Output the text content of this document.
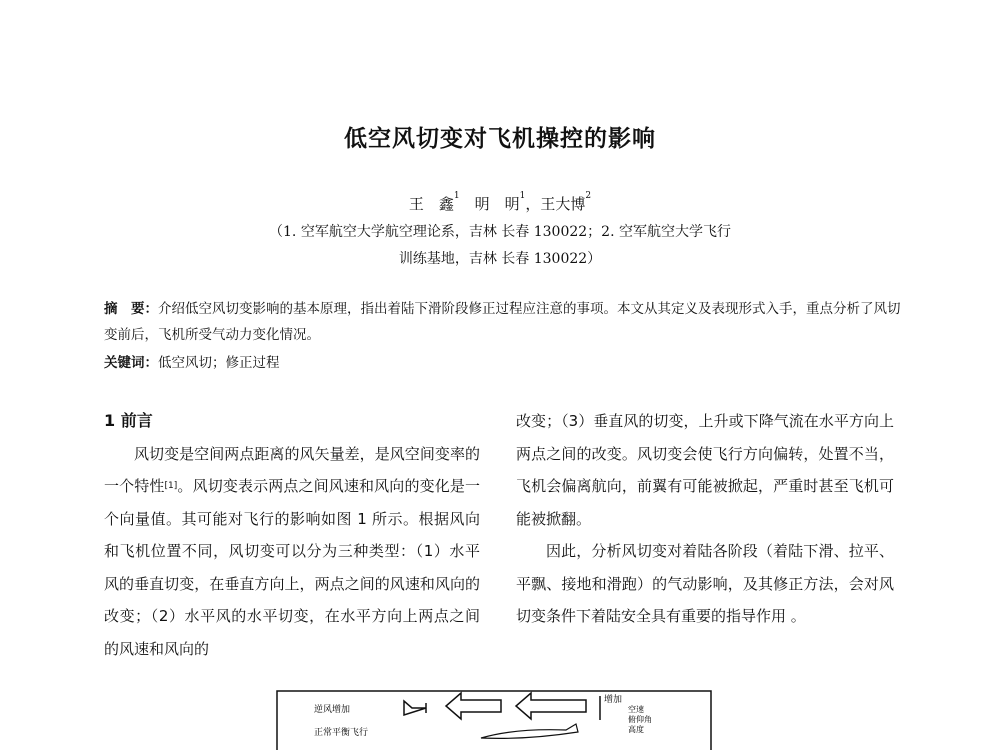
低空风切变对飞机操控的影响
王　鑫$^1$　 明　明$^1$，王大博$^2$
（1. 空军航空大学航空理论系，吉林 长春 130022；2. 空军航空大学飞行
训练基地，吉林 长春 130022）
摘　要：介绍低空风切变影响的基本原理，指出着陆下滑阶段修正过程应注意的事项。本文从其定义及表现形式入手，重点分析了风切变前后，飞机所受气动力变化情况。
关键词：低空风切；修正过程
1 前言

风切变是空间两点距离的风矢量差，是风空间变率的一个特性[1]。风切变表示两点之间风速和风向的变化是一个向量值。其可能对飞行的影响如图 1 所示。根据风向和飞机位置不同，风切变可以分为三种类型：（1）水平风的垂直切变，在垂直方向上，两点之间的风速和风向的改变；（2）水平风的水平切变，在水平方向上两点之间的风速和风向的

改变；（3）垂直风的切变，上升或下降气流在水平方向上两点之间的改变。风切变会使飞行方向偏转，处置不当，飞机会偏离航向，前翼有可能被掀起，严重时甚至飞机可能被掀翻。

因此，分析风切变对着陆各阶段（着陆下滑、拉平、平飘、接地和滑跑）的气动影响，及其修正方法，会对风切变条件下着陆安全具有重要的指导作用 。

逆风增加
正常平衡飞行
增加
空速
俯仰角
高度
